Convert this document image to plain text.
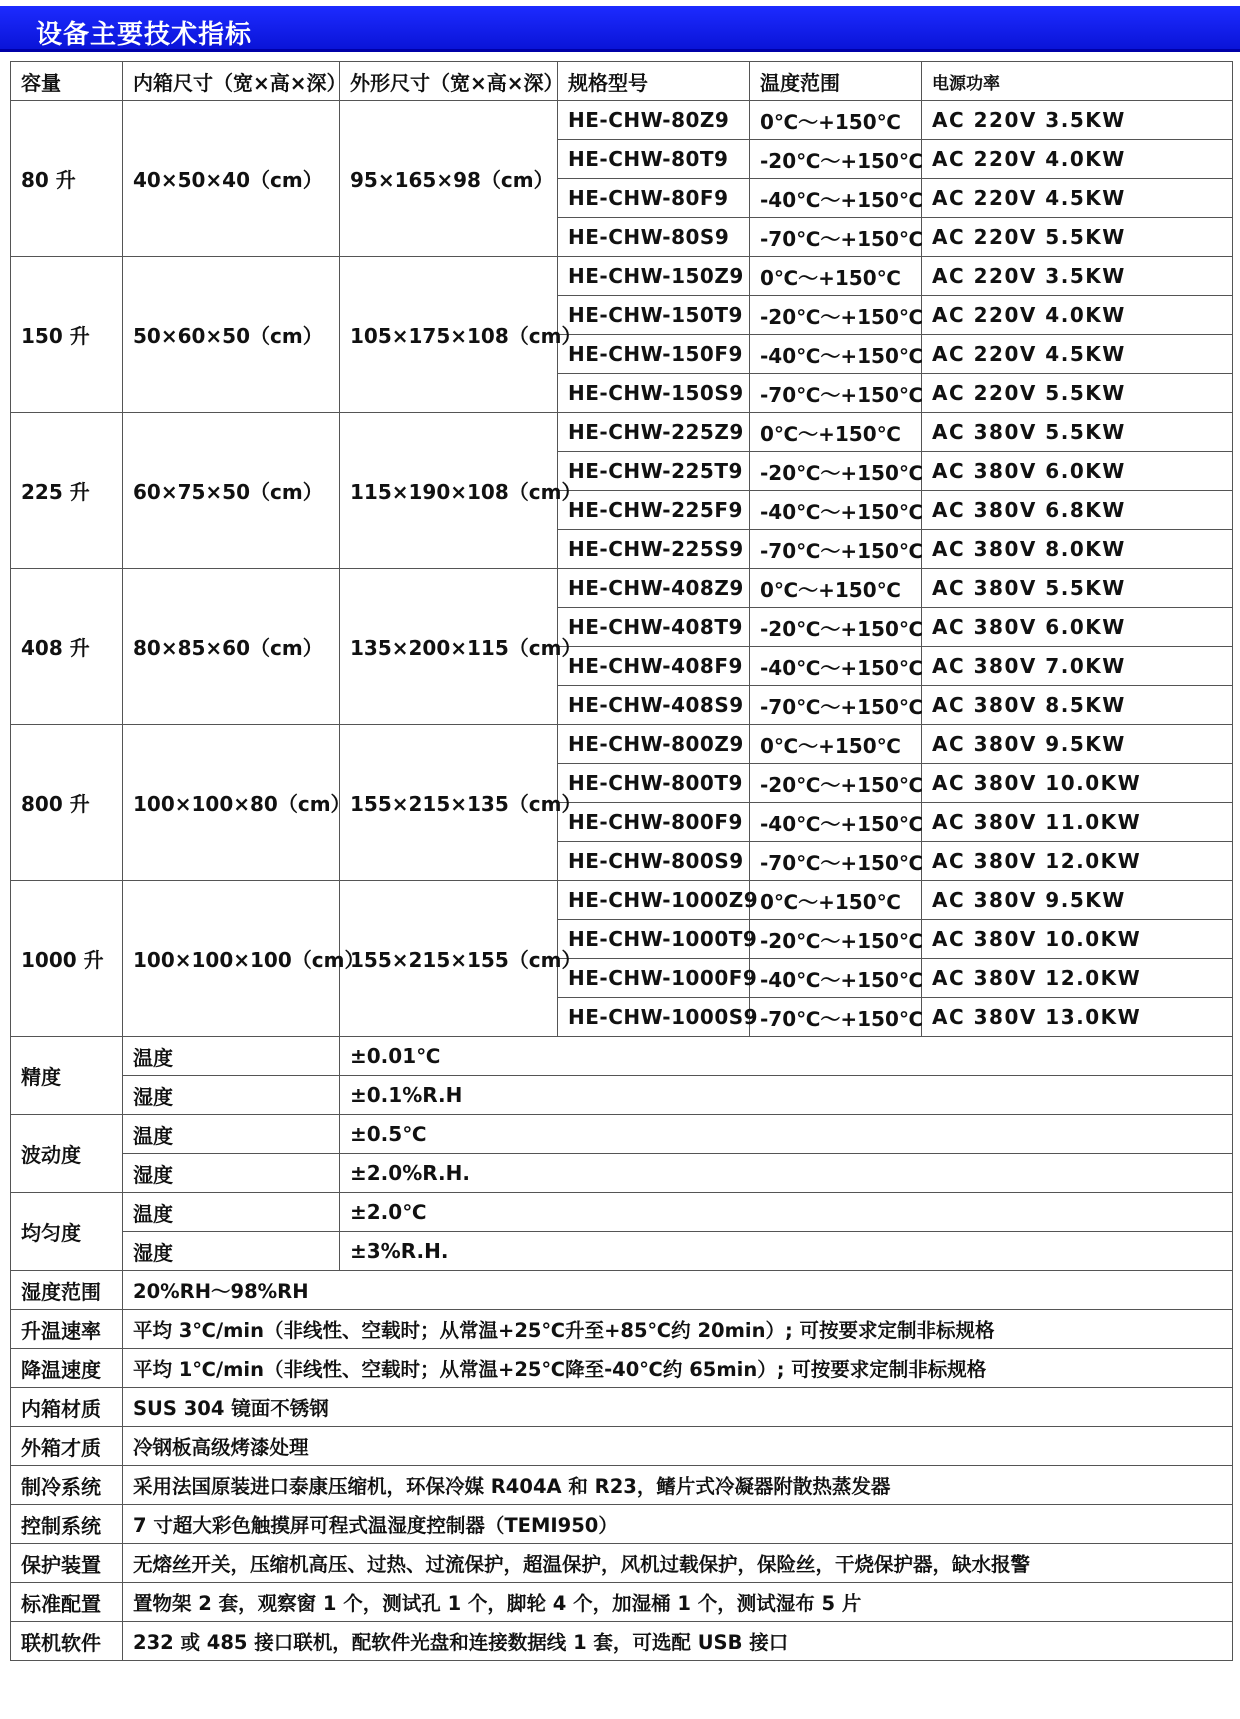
设备主要技术指标
容量	内箱尺寸（宽×高×深）	外形尺寸（宽×高×深）	规格型号	温度范围	电源功率
80 升	40×50×40（cm）	95×165×98（cm）	HE-CHW-80Z9	0℃～+150℃	AC 220V 3.5KW
			HE-CHW-80T9	-20℃～+150℃	AC 220V 4.0KW
			HE-CHW-80F9	-40℃～+150℃	AC 220V 4.5KW
			HE-CHW-80S9	-70℃～+150℃	AC 220V 5.5KW
150 升	50×60×50（cm）	105×175×108（cm）	HE-CHW-150Z9	0℃～+150℃	AC 220V 3.5KW
			HE-CHW-150T9	-20℃～+150℃	AC 220V 4.0KW
			HE-CHW-150F9	-40℃～+150℃	AC 220V 4.5KW
			HE-CHW-150S9	-70℃～+150℃	AC 220V 5.5KW
225 升	60×75×50（cm）	115×190×108（cm）	HE-CHW-225Z9	0℃～+150℃	AC 380V 5.5KW
			HE-CHW-225T9	-20℃～+150℃	AC 380V 6.0KW
			HE-CHW-225F9	-40℃～+150℃	AC 380V 6.8KW
			HE-CHW-225S9	-70℃～+150℃	AC 380V 8.0KW
408 升	80×85×60（cm）	135×200×115（cm）	HE-CHW-408Z9	0℃～+150℃	AC 380V 5.5KW
			HE-CHW-408T9	-20℃～+150℃	AC 380V 6.0KW
			HE-CHW-408F9	-40℃～+150℃	AC 380V 7.0KW
			HE-CHW-408S9	-70℃～+150℃	AC 380V 8.5KW
800 升	100×100×80（cm）	155×215×135（cm）	HE-CHW-800Z9	0℃～+150℃	AC 380V 9.5KW
			HE-CHW-800T9	-20℃～+150℃	AC 380V 10.0KW
			HE-CHW-800F9	-40℃～+150℃	AC 380V 11.0KW
			HE-CHW-800S9	-70℃～+150℃	AC 380V 12.0KW
1000 升	100×100×100（cm）	155×215×155（cm）	HE-CHW-1000Z9	0℃～+150℃	AC 380V 9.5KW
			HE-CHW-1000T9	-20℃～+150℃	AC 380V 10.0KW
			HE-CHW-1000F9	-40℃～+150℃	AC 380V 12.0KW
			HE-CHW-1000S9	-70℃～+150℃	AC 380V 13.0KW
精度	温度	±0.01℃			
	湿度	±0.1%R.H			
波动度	温度	±0.5℃			
	湿度	±2.0%R.H.			
均匀度	温度	±2.0℃			
	湿度	±3%R.H.			
湿度范围	20%RH～98%RH				
升温速率	平均 3℃/min（非线性、空载时；从常温+25℃升至+85℃约 20min）; 可按要求定制非标规格				
降温速度	平均 1℃/min（非线性、空载时；从常温+25℃降至-40℃约 65min）; 可按要求定制非标规格				
内箱材质	SUS 304 镜面不锈钢				
外箱才质	冷钢板高级烤漆处理				
制冷系统	采用法国原装进口泰康压缩机，环保冷媒 R404A 和 R23，鳍片式冷凝器附散热蒸发器				
控制系统	7 寸超大彩色触摸屏可程式温湿度控制器（TEMI950）				
保护装置	无熔丝开关，压缩机高压、过热、过流保护，超温保护，风机过载保护，保险丝，干烧保护器，缺水报警				
标准配置	置物架 2 套，观察窗 1 个，测试孔 1 个，脚轮 4 个，加湿桶 1 个，测试湿布 5 片				
联机软件	232 或 485 接口联机，配软件光盘和连接数据线 1 套，可选配 USB 接口				
